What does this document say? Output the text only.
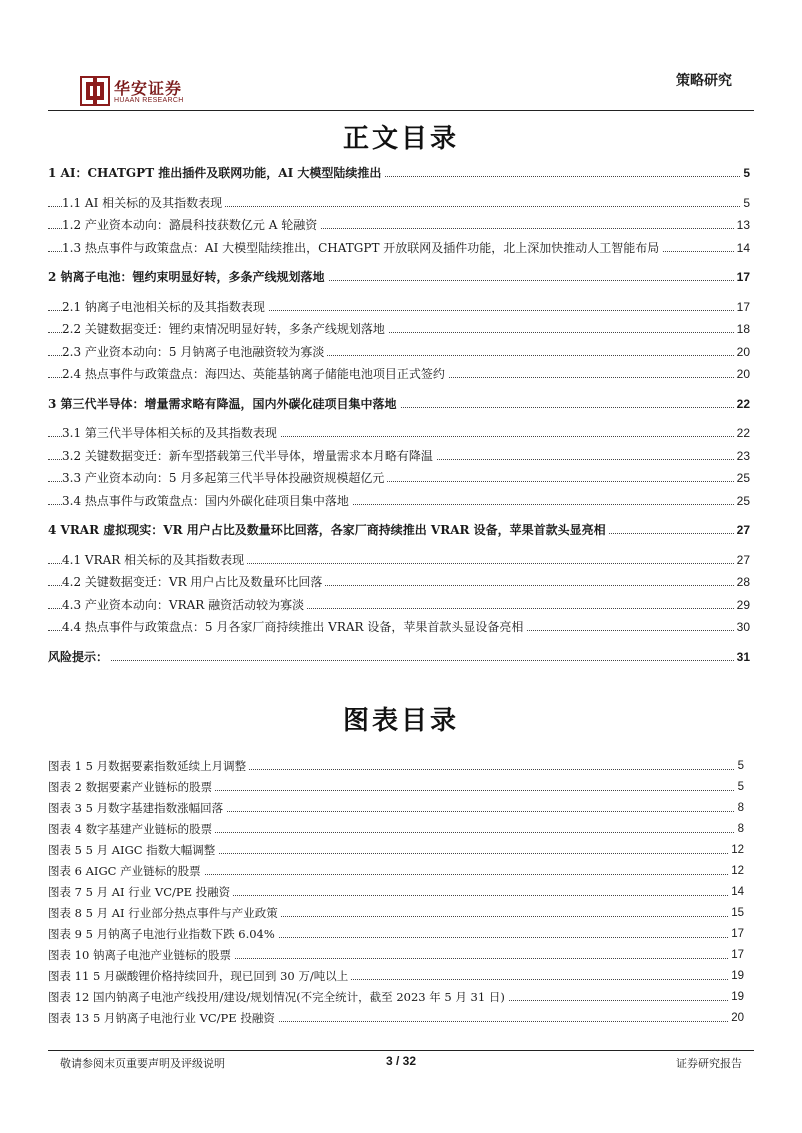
华安证券
HUAAN RESEARCH
策略研究
正文目录
1 AI：CHATGPT 推出插件及联网功能，AI 大模型陆续推出	5
1.1 AI 相关标的及其指数表现	5
1.2 产业资本动向：潞晨科技获数亿元 A 轮融资	13
1.3 热点事件与政策盘点：AI 大模型陆续推出，CHATGPT 开放联网及插件功能，北上深加快推动人工智能布局	14
2 钠离子电池：锂约束明显好转，多条产线规划落地	17
2.1 钠离子电池相关标的及其指数表现	17
2.2 关键数据变迁：锂约束情况明显好转，多条产线规划落地	18
2.3 产业资本动向：5 月钠离子电池融资较为寡淡	20
2.4 热点事件与政策盘点：海四达、英能基钠离子储能电池项目正式签约	20
3 第三代半导体：增量需求略有降温，国内外碳化硅项目集中落地	22
3.1 第三代半导体相关标的及其指数表现	22
3.2 关键数据变迁：新车型搭载第三代半导体，增量需求本月略有降温	23
3.3 产业资本动向：5 月多起第三代半导体投融资规模超亿元	25
3.4 热点事件与政策盘点：国内外碳化硅项目集中落地	25
4 VRAR 虚拟现实：VR 用户占比及数量环比回落，各家厂商持续推出 VRAR 设备，苹果首款头显亮相	27
4.1 VRAR 相关标的及其指数表现	27
4.2 关键数据变迁：VR 用户占比及数量环比回落	28
4.3 产业资本动向：VRAR 融资活动较为寡淡	29
4.4 热点事件与政策盘点：5 月各家厂商持续推出 VRAR 设备，苹果首款头显设备亮相	30
风险提示：	31
图表目录
图表 1 5 月数据要素指数延续上月调整	5
图表 2 数据要素产业链标的股票	5
图表 3 5 月数字基建指数涨幅回落	8
图表 4 数字基建产业链标的股票	8
图表 5 5 月 AIGC 指数大幅调整	12
图表 6 AIGC 产业链标的股票	12
图表 7 5 月 AI 行业 VC/PE 投融资	14
图表 8 5 月 AI 行业部分热点事件与产业政策	15
图表 9 5 月钠离子电池行业指数下跌 6.04%	17
图表 10 钠离子电池产业链标的股票	17
图表 11 5 月碳酸锂价格持续回升，现已回到 30 万/吨以上	19
图表 12 国内钠离子电池产线投用/建设/规划情况(不完全统计，截至 2023 年 5 月 31 日)	19
图表 13 5 月钠离子电池行业 VC/PE 投融资	20
敬请参阅末页重要声明及评级说明	3 / 32	证券研究报告
